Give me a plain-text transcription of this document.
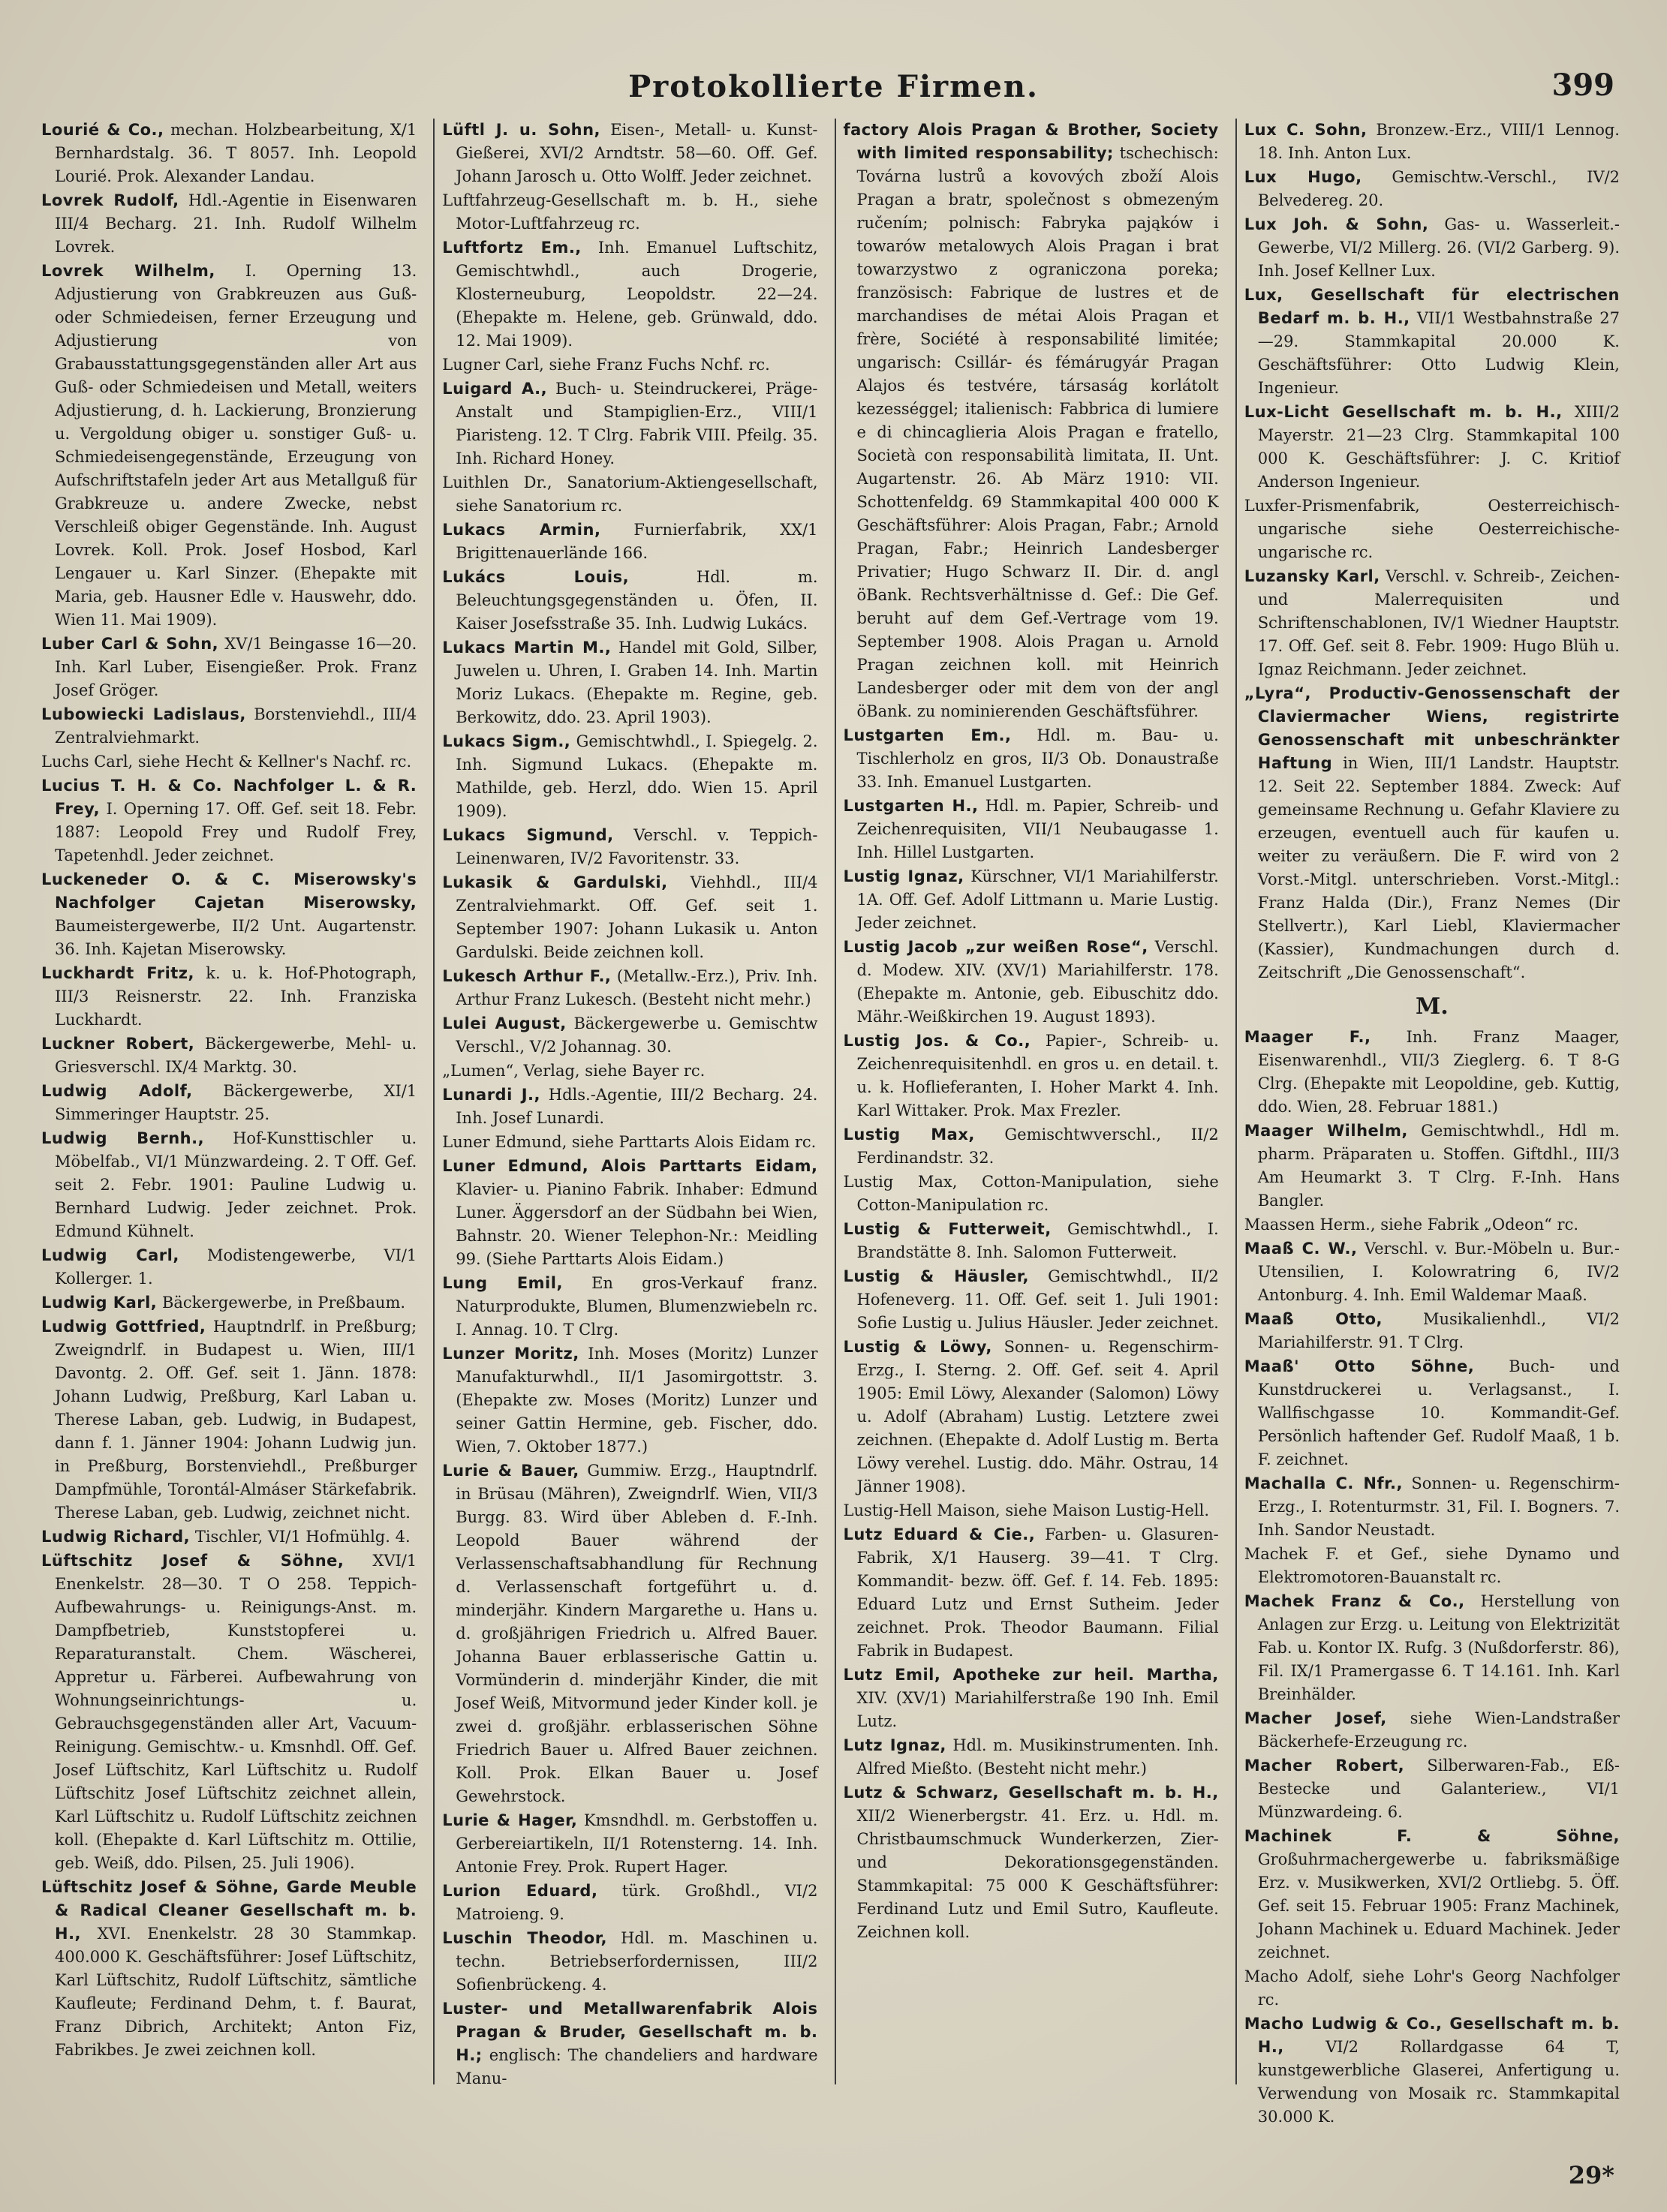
Protokollierte Firmen.	399
Lourié & Co., mechan. Holzbearbeitung, X/1 Bernhardstalg. 36. T 8057. Inh. Leopold Lourié. Prok. Alexander Landau.
Lovrek Rudolf, Hdl.-Agentie in Eisenwaren III/4 Becharg. 21. Inh. Rudolf Wilhelm Lovrek.
Lovrek Wilhelm, I. Operning 13. Adjustierung von Grabkreuzen aus Guß- oder Schmiedeisen, ferner Erzeugung und Adjustierung von Grabausstattungsgegenständen aller Art aus Guß- oder Schmiedeisen und Metall, weiters Adjustierung, d. h. Lackierung, Bronzierung u. Vergoldung obiger u. sonstiger Guß- u. Schmiedeisengegenstände, Erzeugung von Aufschriftstafeln jeder Art aus Metallguß für Grabkreuze u. andere Zwecke, nebst Verschleiß obiger Gegenstände. Inh. August Lovrek. Koll. Prok. Josef Hosbod, Karl Lengauer u. Karl Sinzer. (Ehepakte mit Maria, geb. Hausner Edle v. Hauswehr, ddo. Wien 11. Mai 1909).
Luber Carl & Sohn, XV/1 Beingasse 16—20. Inh. Karl Luber, Eisengießer. Prok. Franz Josef Gröger.
Lubowiecki Ladislaus, Borstenviehdl., III/4 Zentralviehmarkt.
Luchs Carl, siehe Hecht & Kellner's Nachf. rc.
Lucius T. H. & Co. Nachfolger L. & R. Frey, I. Operning 17. Off. Gef. seit 18. Febr. 1887: Leopold Frey und Rudolf Frey, Tapetenhdl. Jeder zeichnet.
Luckeneder O. & C. Miserowsky's Nachfolger Cajetan Miserowsky, Baumeistergewerbe, II/2 Unt. Augartenstr. 36. Inh. Kajetan Miserowsky.
Luckhardt Fritz, k. u. k. Hof-Photograph, III/3 Reisnerstr. 22. Inh. Franziska Luckhardt.
Luckner Robert, Bäckergewerbe, Mehl- u. Griesverschl. IX/4 Marktg. 30.
Ludwig Adolf, Bäckergewerbe, XI/1 Simmeringer Hauptstr. 25.
Ludwig Bernh., Hof-Kunsttischler u. Möbelfab., VI/1 Münzwardeing. 2. T Off. Gef. seit 2. Febr. 1901: Pauline Ludwig u. Bernhard Ludwig. Jeder zeichnet. Prok. Edmund Kühnelt.
Ludwig Carl, Modistengewerbe, VI/1 Kollerger. 1.
Ludwig Karl, Bäckergewerbe, in Preßbaum.
Ludwig Gottfried, Hauptndrlf. in Preßburg; Zweigndrlf. in Budapest u. Wien, III/1 Davontg. 2. Off. Gef. seit 1. Jänn. 1878: Johann Ludwig, Preßburg, Karl Laban u. Therese Laban, geb. Ludwig, in Budapest, dann f. 1. Jänner 1904: Johann Ludwig jun. in Preßburg, Borstenviehdl., Preßburger Dampfmühle, Torontál-Almáser Stärkefabrik. Therese Laban, geb. Ludwig, zeichnet nicht.
Ludwig Richard, Tischler, VI/1 Hofmühlg. 4.
Lüftschitz Josef & Söhne, XVI/1 Enenkelstr. 28—30. T O 258. Teppich-Aufbewahrungs- u. Reinigungs-Anst. m. Dampfbetrieb, Kunststopferei u. Reparaturanstalt. Chem. Wäscherei, Appretur u. Färberei. Aufbewahrung von Wohnungseinrichtungs- u. Gebrauchsgegenständen aller Art, Vacuum-Reinigung. Gemischtw.- u. Kmsnhdl. Off. Gef. Josef Lüftschitz, Karl Lüftschitz u. Rudolf Lüftschitz Josef Lüftschitz zeichnet allein, Karl Lüftschitz u. Rudolf Lüftschitz zeichnen koll. (Ehepakte d. Karl Lüftschitz m. Ottilie, geb. Weiß, ddo. Pilsen, 25. Juli 1906).
Lüftschitz Josef & Söhne, Garde Meuble & Radical Cleaner Gesellschaft m. b. H., XVI. Enenkelstr. 28 30 Stammkap. 400.000 K. Geschäftsführer: Josef Lüftschitz, Karl Lüftschitz, Rudolf Lüftschitz, sämtliche Kaufleute; Ferdinand Dehm, t. f. Baurat, Franz Dibrich, Architekt; Anton Fiz, Fabrikbes. Je zwei zeichnen koll.
Lüftl J. u. Sohn, Eisen-, Metall- u. Kunst-Gießerei, XVI/2 Arndtstr. 58—60. Off. Gef. Johann Jarosch u. Otto Wolff. Jeder zeichnet.
Luftfahrzeug-Gesellschaft m. b. H., siehe Motor-Luftfahrzeug rc.
Luftfortz Em., Inh. Emanuel Luftschitz, Gemischtwhdl., auch Drogerie, Klosterneuburg, Leopoldstr. 22—24. (Ehepakte m. Helene, geb. Grünwald, ddo. 12. Mai 1909).
Lugner Carl, siehe Franz Fuchs Nchf. rc.
Luigard A., Buch- u. Steindruckerei, Präge-Anstalt und Stampiglien-Erz., VIII/1 Piaristeng. 12. T Clrg. Fabrik VIII. Pfeilg. 35. Inh. Richard Honey.
Luithlen Dr., Sanatorium-Aktiengesellschaft, siehe Sanatorium rc.
Lukacs Armin, Furnierfabrik, XX/1 Brigittenauerlände 166.
Lukács Louis,	Hdl. m. Beleuchtungsgegenständen u. Öfen, II. Kaiser Josefsstraße 35. Inh. Ludwig Lukács.
Lukacs Martin M., Handel mit Gold, Silber, Juwelen u. Uhren, I. Graben 14. Inh. Martin Moriz Lukacs. (Ehepakte m. Regine, geb. Berkowitz, ddo. 23. April 1903).
Lukacs Sigm., Gemischtwhdl., I. Spiegelg. 2. Inh. Sigmund Lukacs. (Ehepakte m. Mathilde, geb. Herzl, ddo. Wien 15. April 1909).
Lukacs Sigmund, Verschl. v. Teppich-Leinenwaren, IV/2 Favoritenstr. 33.
Lukasik & Gardulski, Viehhdl., III/4 Zentralviehmarkt. Off. Gef. seit 1. September 1907: Johann Lukasik u. Anton Gardulski. Beide zeichnen koll.
Lukesch Arthur F., (Metallw.-Erz.), Priv. Inh. Arthur Franz Lukesch. (Besteht nicht mehr.)
Lulei August, Bäckergewerbe u. Gemischtw Verschl., V/2 Johannag. 30.
„Lumen“, Verlag, siehe Bayer rc.
Lunardi J., Hdls.-Agentie, III/2 Becharg. 24. Inh. Josef Lunardi.
Luner Edmund, siehe Parttarts Alois Eidam rc.
Luner Edmund, Alois Parttarts Eidam, Klavier- u. Pianino Fabrik. Inhaber: Edmund Luner. Äggersdorf an der Südbahn bei Wien, Bahnstr. 20. Wiener Telephon-Nr.: Meidling 99. (Siehe Parttarts Alois Eidam.)
Lung Emil, En gros-Verkauf franz. Naturprodukte, Blumen, Blumenzwiebeln rc. I. Annag. 10. T Clrg.
Lunzer Moritz, Inh. Moses (Moritz) Lunzer Manufakturwhdl., II/1 Jasomirgottstr. 3. (Ehepakte zw. Moses (Moritz) Lunzer und seiner Gattin Hermine, geb. Fischer, ddo. Wien, 7. Oktober 1877.)
Lurie & Bauer, Gummiw. Erzg., Hauptndrlf. in Brüsau (Mähren), Zweigndrlf. Wien, VII/3 Burgg. 83. Wird über Ableben d. F.-Inh. Leopold Bauer während der Verlassenschaftsabhandlung für Rechnung d. Verlassenschaft fortgeführt u. d. minderjähr. Kindern Margarethe u. Hans u. d. großjährigen Friedrich u. Alfred Bauer. Johanna Bauer erblasserische Gattin u. Vormünderin d. minderjähr Kinder, die mit Josef Weiß, Mitvormund jeder Kinder koll. je zwei d. großjähr. erblasserischen Söhne Friedrich Bauer u. Alfred Bauer zeichnen. Koll. Prok. Elkan Bauer u. Josef Gewehrstock.
Lurie & Hager, Kmsndhdl. m. Gerbstoffen u. Gerbereiartikeln, II/1 Rotensterng. 14. Inh. Antonie Frey. Prok. Rupert Hager.
Lurion Eduard, türk. Großhdl., VI/2 Matroieng. 9.
Luschin Theodor, Hdl. m. Maschinen u. techn. Betriebserfordernissen, III/2 Sofienbrückeng. 4.
Luster- und Metallwarenfabrik Alois Pragan & Bruder, Gesellschaft m. b. H.; englisch: The chandeliers and hardware Manu-
factory Alois Pragan & Brother, Society with limited responsability; tschechisch: Továrna lustrů a kovových zboží Alois Pragan a bratr, společnost s obmezeným ručením; polnisch: Fabryka pająków i towarów metalowych Alois Pragan i brat towarzystwo z ograniczona poreka; französisch: Fabrique de lustres et de marchandises de métai Alois Pragan et frère, Société à responsabilité limitée; ungarisch: Csillár- és fémárugyár Pragan Alajos és testvére, társaság korlátolt kezességgel; italienisch: Fabbrica di lumiere e di chincaglieria Alois Pragan e fratello, Società con responsabilità limitata, II. Unt. Augartenstr. 26. Ab März 1910: VII. Schottenfeldg. 69 Stammkapital 400 000 K Geschäftsführer: Alois Pragan, Fabr.; Arnold Pragan, Fabr.; Heinrich Landesberger Privatier; Hugo Schwarz II. Dir. d. angl öBank. Rechtsverhältnisse d. Gef.: Die Gef. beruht auf dem Gef.-Vertrage vom 19. September 1908. Alois Pragan u. Arnold Pragan zeichnen koll. mit Heinrich Landesberger oder mit dem von der angl öBank. zu nominierenden Geschäftsführer.
Lustgarten Em., Hdl. m. Bau- u. Tischlerholz en gros, II/3 Ob. Donaustraße 33. Inh. Emanuel Lustgarten.
Lustgarten H., Hdl. m. Papier, Schreib- und Zeichenrequisiten, VII/1 Neubaugasse 1. Inh. Hillel Lustgarten.
Lustig Ignaz, Kürschner, VI/1 Mariahilferstr. 1A. Off. Gef. Adolf Littmann u. Marie Lustig. Jeder zeichnet.
Lustig Jacob „zur weißen Rose“, Verschl. d. Modew. XIV. (XV/1) Mariahilferstr. 178. (Ehepakte m. Antonie, geb. Eibuschitz ddo. Mähr.-Weißkirchen 19. August 1893).
Lustig Jos. & Co., Papier-, Schreib- u. Zeichenrequisitenhdl. en gros u. en detail. t. u. k. Hoflieferanten, I. Hoher Markt 4. Inh. Karl Wittaker. Prok. Max Frezler.
Lustig Max, Gemischtwverschl., II/2 Ferdinandstr. 32.
Lustig Max, Cotton-Manipulation, siehe Cotton-Manipulation rc.
Lustig & Futterweit, Gemischtwhdl., I. Brandstätte 8. Inh. Salomon Futterweit.
Lustig & Häusler, Gemischtwhdl., II/2 Hofeneverg. 11. Off. Gef. seit 1. Juli 1901: Sofie Lustig u. Julius Häusler. Jeder zeichnet.
Lustig & Löwy, Sonnen- u. Regenschirm-Erzg., I. Sterng. 2. Off. Gef. seit 4. April 1905: Emil Löwy, Alexander (Salomon) Löwy u. Adolf (Abraham) Lustig. Letztere zwei zeichnen. (Ehepakte d. Adolf Lustig m. Berta Löwy verehel. Lustig. ddo. Mähr. Ostrau, 14 Jänner 1908).
Lustig-Hell Maison, siehe Maison Lustig-Hell.
Lutz Eduard & Cie., Farben- u. Glasuren-Fabrik, X/1 Hauserg. 39—41. T Clrg. Kommandit- bezw. öff. Gef. f. 14. Feb. 1895: Eduard Lutz und Ernst Sutheim. Jeder zeichnet. Prok. Theodor Baumann. Filial Fabrik in Budapest.
Lutz Emil, Apotheke zur heil. Martha, XIV. (XV/1) Mariahilferstraße 190 Inh. Emil Lutz.
Lutz Ignaz, Hdl. m. Musikinstrumenten. Inh. Alfred Mießto. (Besteht nicht mehr.)
Lutz & Schwarz, Gesellschaft m. b. H., XII/2 Wienerbergstr. 41. Erz. u. Hdl. m. Christbaumschmuck Wunderkerzen, Zier- und Dekorationsgegenständen. Stammkapital: 75 000 K Geschäftsführer: Ferdinand Lutz und Emil Sutro, Kaufleute. Zeichnen koll.
Lux C. Sohn, Bronzew.-Erz., VIII/1 Lennog. 18. Inh. Anton Lux.
Lux Hugo, Gemischtw.-Verschl., IV/2 Belvedereg. 20.
Lux Joh. & Sohn, Gas- u. Wasserleit.-Gewerbe, VI/2 Millerg. 26. (VI/2 Garberg. 9). Inh. Josef Kellner Lux.
Lux, Gesellschaft für electrischen Bedarf m. b. H., VII/1 Westbahnstraße 27—29. Stammkapital 20.000 K. Geschäftsführer: Otto Ludwig Klein, Ingenieur.
Lux-Licht Gesellschaft m. b. H., XIII/2 Mayerstr. 21—23 Clrg. Stammkapital 100 000 K. Geschäftsführer: J. C. Kritiof Anderson Ingenieur.
Luxfer-Prismenfabrik, Oesterreichisch-ungarische siehe Oesterreichische-ungarische rc.
Luzansky Karl, Verschl. v. Schreib-, Zeichen- und Malerrequisiten und Schriftenschablonen, IV/1 Wiedner Hauptstr. 17. Off. Gef. seit 8. Febr. 1909: Hugo Blüh u. Ignaz Reichmann. Jeder zeichnet.
„Lyra“, Productiv-Genossenschaft der Claviermacher Wiens, registrirte Genossenschaft mit unbeschränkter Haftung in Wien, III/1 Landstr. Hauptstr. 12. Seit 22. September 1884. Zweck: Auf gemeinsame Rechnung u. Gefahr Klaviere zu erzeugen, eventuell auch für kaufen u. weiter zu veräußern. Die F. wird von 2 Vorst.-Mitgl. unterschrieben. Vorst.-Mitgl.: Franz Halda (Dir.), Franz Nemes (Dir Stellvertr.), Karl Liebl, Klaviermacher (Kassier), Kundmachungen durch d. Zeitschrift „Die Genossenschaft“.
M.
Maager F., Inh. Franz Maager, Eisenwarenhdl., VII/3 Zieglerg. 6. T 8-G Clrg. (Ehepakte mit Leopoldine, geb. Kuttig, ddo. Wien, 28. Februar 1881.)
Maager Wilhelm, Gemischtwhdl., Hdl m. pharm. Präparaten u. Stoffen. Giftdhl., III/3 Am Heumarkt 3. T Clrg. F.-Inh. Hans Bangler.
Maassen Herm., siehe Fabrik „Odeon“ rc.
Maaß C. W., Verschl. v. Bur.-Möbeln u. Bur.-Utensilien, I. Kolowratring 6, IV/2 Antonburg. 4. Inh. Emil Waldemar Maaß.
Maaß Otto,	Musikalienhdl., VI/2 Mariahilferstr. 91. T Clrg.
Maaß' Otto Söhne, Buch- und Kunstdruckerei u. Verlagsanst., I. Wallfischgasse 10. Kommandit-Gef. Persönlich haftender Gef. Rudolf Maaß, 1 b. F. zeichnet.
Machalla C. Nfr., Sonnen- u. Regenschirm-Erzg., I. Rotenturmstr. 31, Fil. I. Bogners. 7. Inh. Sandor Neustadt.
Machek F. et Gef., siehe Dynamo und Elektromotoren-Bauanstalt rc.
Machek Franz & Co., Herstellung von Anlagen zur Erzg. u. Leitung von Elektrizität Fab. u. Kontor IX. Rufg. 3 (Nußdorferstr. 86), Fil. IX/1 Pramergasse 6. T 14.161. Inh. Karl Breinhälder.
Macher Josef, siehe Wien-Landstraßer Bäckerhefe-Erzeugung rc.
Macher Robert, Silberwaren-Fab., Eß-Bestecke und Galanteriew., VI/1 Münzwardeing. 6.
Machinek F. & Söhne, Großuhrmachergewerbe u. fabriksmäßige Erz. v. Musikwerken, XVI/2 Ortliebg. 5. Öff. Gef. seit 15. Februar 1905: Franz Machinek, Johann Machinek u. Eduard Machinek. Jeder zeichnet.
Macho Adolf, siehe Lohr's Georg Nachfolger rc.
Macho Ludwig & Co., Gesellschaft m. b. H.,	VI/2 Rollardgasse 64 T, kunstgewerbliche Glaserei, Anfertigung u. Verwendung von Mosaik rc. Stammkapital 30.000 K.
29*
